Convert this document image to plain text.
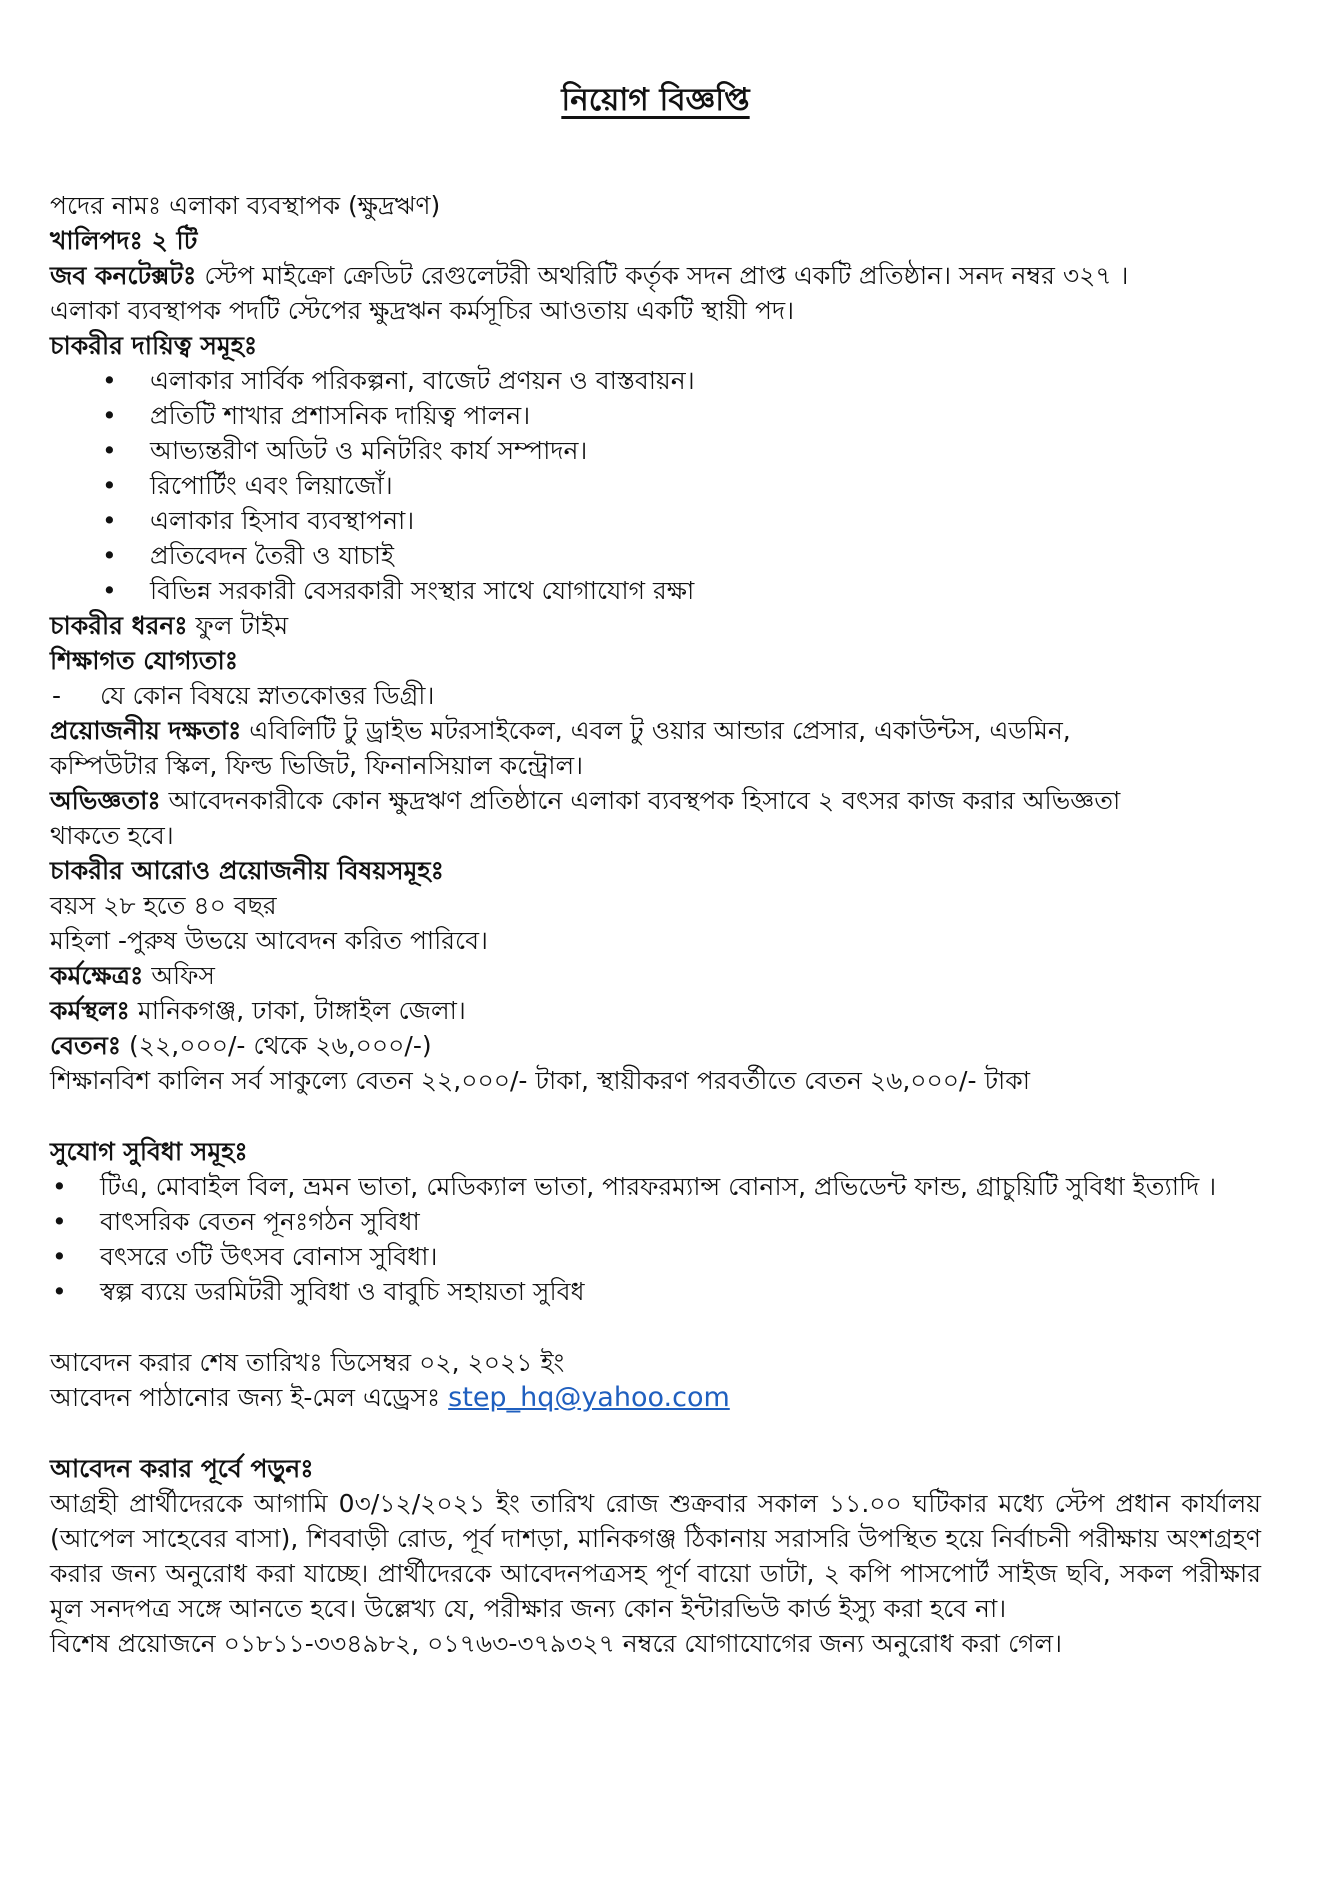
নিয়োগ বিজ্ঞপ্তি

পদের নামঃ এলাকা ব্যবস্থাপক (ক্ষুদ্রঋণ)

খালিপদঃ ২ টি

জব কনটেক্সটঃ স্টেপ মাইক্রো ক্রেডিট রেগুলেটরী অথরিটি কর্তৃক সদন প্রাপ্ত একটি প্রতিষ্ঠান। সনদ নম্বর ৩২৭ ।

এলাকা ব্যবস্থাপক পদটি স্টেপের ক্ষুদ্রঋন কর্মসূচির আওতায় একটি স্থায়ী পদ।

চাকরীর দায়িত্ব সমূহঃ

• এলাকার সার্বিক পরিকল্পনা, বাজেট প্রণয়ন ও বাস্তবায়ন।
• প্রতিটি শাখার প্রশাসনিক দায়িত্ব পালন।
• আভ্যন্তরীণ অডিট ও মনিটরিং কার্য সম্পাদন।
• রিপোর্টিং এবং লিয়াজোঁ।
• এলাকার হিসাব ব্যবস্থাপনা।
• প্রতিবেদন তৈরী ও যাচাই
• বিভিন্ন সরকারী বেসরকারী সংস্থার সাথে যোগাযোগ রক্ষা

চাকরীর ধরনঃ ফুল টাইম

শিক্ষাগত যোগ্যতাঃ

- যে কোন বিষয়ে স্নাতকোত্তর ডিগ্রী।

প্রয়োজনীয় দক্ষতাঃ এবিলিটি টু ড্রাইভ মটরসাইকেল, এবল টু ওয়ার আন্ডার প্রেসার, একাউন্টস, এডমিন,

কম্পিউটার স্কিল, ফিল্ড ভিজিট, ফিনানসিয়াল কন্ট্রোল।

অভিজ্ঞতাঃ আবেদনকারীকে কোন ক্ষুদ্রঋণ প্রতিষ্ঠানে এলাকা ব্যবস্থপক হিসাবে ২ বৎসর কাজ করার অভিজ্ঞতা

থাকতে হবে।

চাকরীর আরোও প্রয়োজনীয় বিষয়সমূহঃ

বয়স ২৮ হতে ৪০ বছর

মহিলা -পুরুষ উভয়ে আবেদন করিত পারিবে।

কর্মক্ষেত্রঃ অফিস

কর্মস্থলঃ মানিকগঞ্জ, ঢাকা, টাঙ্গাইল জেলা।

বেতনঃ (২২,০০০/- থেকে ২৬,০০০/-)

শিক্ষানবিশ কালিন সর্ব সাকুল্যে বেতন ২২,০০০/- টাকা, স্থায়ীকরণ পরবর্তীতে বেতন ২৬,০০০/- টাকা

সুযোগ সুবিধা সমূহঃ

• টিএ, মোবাইল বিল, ভ্রমন ভাতা, মেডিক্যাল ভাতা, পারফরম্যান্স বোনাস, প্রভিডেন্ট ফান্ড, গ্রাচুয়িটি সুবিধা ইত্যাদি ।
• বাৎসরিক বেতন পূনঃগঠন সুবিধা
• বৎসরে ৩টি উৎসব বোনাস সুবিধা।
• স্বল্প ব্যয়ে ডরমিটরী সুবিধা ও বাবুচি সহায়তা সুবিধ

আবেদন করার শেষ তারিখঃ ডিসেম্বর ০২, ২০২১ ইং

আবেদন পাঠানোর জন্য ই-মেল এড্রেসঃ step_hq@yahoo.com

আবেদন করার পূর্বে পড়ুনঃ

আগ্রহী প্রার্থীদেরকে আগামি 0৩/১২/২০২১ ইং তারিখ রোজ শুক্রবার সকাল ১১.০০ ঘটিকার মধ্যে স্টেপ প্রধান কার্যালয় (আপেল সাহেবের বাসা), শিববাড়ী রোড, পূর্ব দাশড়া, মানিকগঞ্জ ঠিকানায় সরাসরি উপস্থিত হয়ে নির্বাচনী পরীক্ষায় অংশগ্রহণ করার জন্য অনুরোধ করা যাচ্ছে। প্রার্থীদেরকে আবেদনপত্রসহ পূর্ণ বায়ো ডাটা, ২ কপি পাসপোর্ট সাইজ ছবি, সকল পরীক্ষার মূল সনদপত্র সঙ্গে আনতে হবে। উল্লেখ্য যে, পরীক্ষার জন্য কোন ইন্টারভিউ কার্ড ইস্যু করা হবে না।

বিশেষ প্রয়োজনে ০১৮১১-৩৩৪৯৮২, ০১৭৬৩-৩৭৯৩২৭ নম্বরে যোগাযোগের জন্য অনুরোধ করা গেল।
